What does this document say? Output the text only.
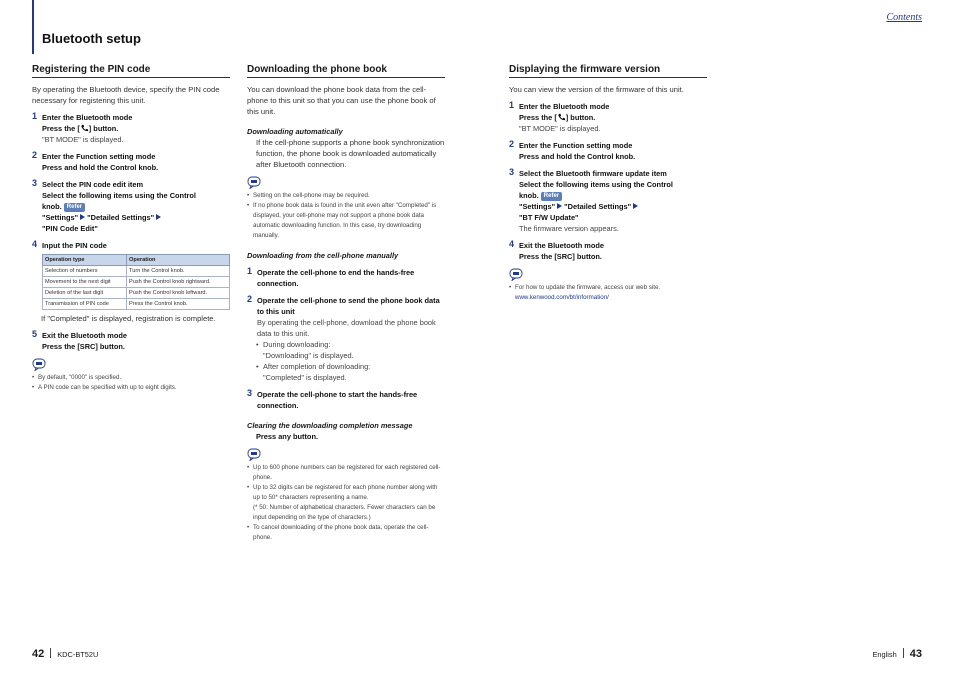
Contents
Bluetooth setup
Registering the PIN code

By operating the Bluetooth device, specify the PIN code necessary for registering this unit.

1 Enter the Bluetooth mode
Press the [ ] button.
"BT MODE" is displayed.
2 Enter the Function setting mode
Press and hold the Control knob.
3 Select the PIN code edit item
Select the following items using the Control
knob. Refer
"Settings" "Detailed Settings"
"PIN Code Edit"
4 Input the PIN code
Operation type	Operation
Selection of numbers	Turn the Control knob.
Movement to the next digit	Push the Control knob rightward.
Deletion of the last digit	Push the Control knob leftward.
Transmission of PIN code	Press the Control knob.

If "Completed" is displayed, registration is complete.

5 Exit the Bluetooth mode
Press the [SRC] button.
• By default, "0000" is specified.
• A PIN code can be specified with up to eight digits.
Downloading the phone book

You can download the phone book data from the cell-phone to this unit so that you can use the phone book of this unit.

Downloading automatically

If the cell-phone supports a phone book synchronization function, the phone book is downloaded automatically after Bluetooth connection.

• Setting on the cell-phone may be required.
• If no phone book data is found in the unit even after "Completed" is displayed, your cell-phone may not support a phone book data automatic downloading function. In this case, try downloading manually.
Downloading from the cell-phone manually
1 Operate the cell-phone to end the hands-free connection.
2 Operate the cell-phone to send the phone book data to this unit
By operating the cell-phone, download the phone book data to this unit.
• During downloading:
"Downloading" is displayed.
• After completion of downloading:
"Completed" is displayed.
3 Operate the cell-phone to start the hands-free connection.
Clearing the downloading completion message
Press any button.
• Up to 600 phone numbers can be registered for each registered cell-phone.
• Up to 32 digits can be registered for each phone number along with up to 50* characters representing a name.
(* 50: Number of alphabetical characters. Fewer characters can be input depending on the type of characters.)
• To cancel downloading of the phone book data, operate the cell-phone.
Displaying the firmware version

You can view the version of the firmware of this unit.

1 Enter the Bluetooth mode
Press the [ ] button.
"BT MODE" is displayed.
2 Enter the Function setting mode
Press and hold the Control knob.
3 Select the Bluetooth firmware update item
Select the following items using the Control
knob. Refer
"Settings" "Detailed Settings"
"BT F/W Update"
The firmware version appears.
4 Exit the Bluetooth mode
Press the [SRC] button.
• For how to update the firmware, access our web site.
www.kenwood.com/bt/information/
42 KDC-BT52U	English 43
